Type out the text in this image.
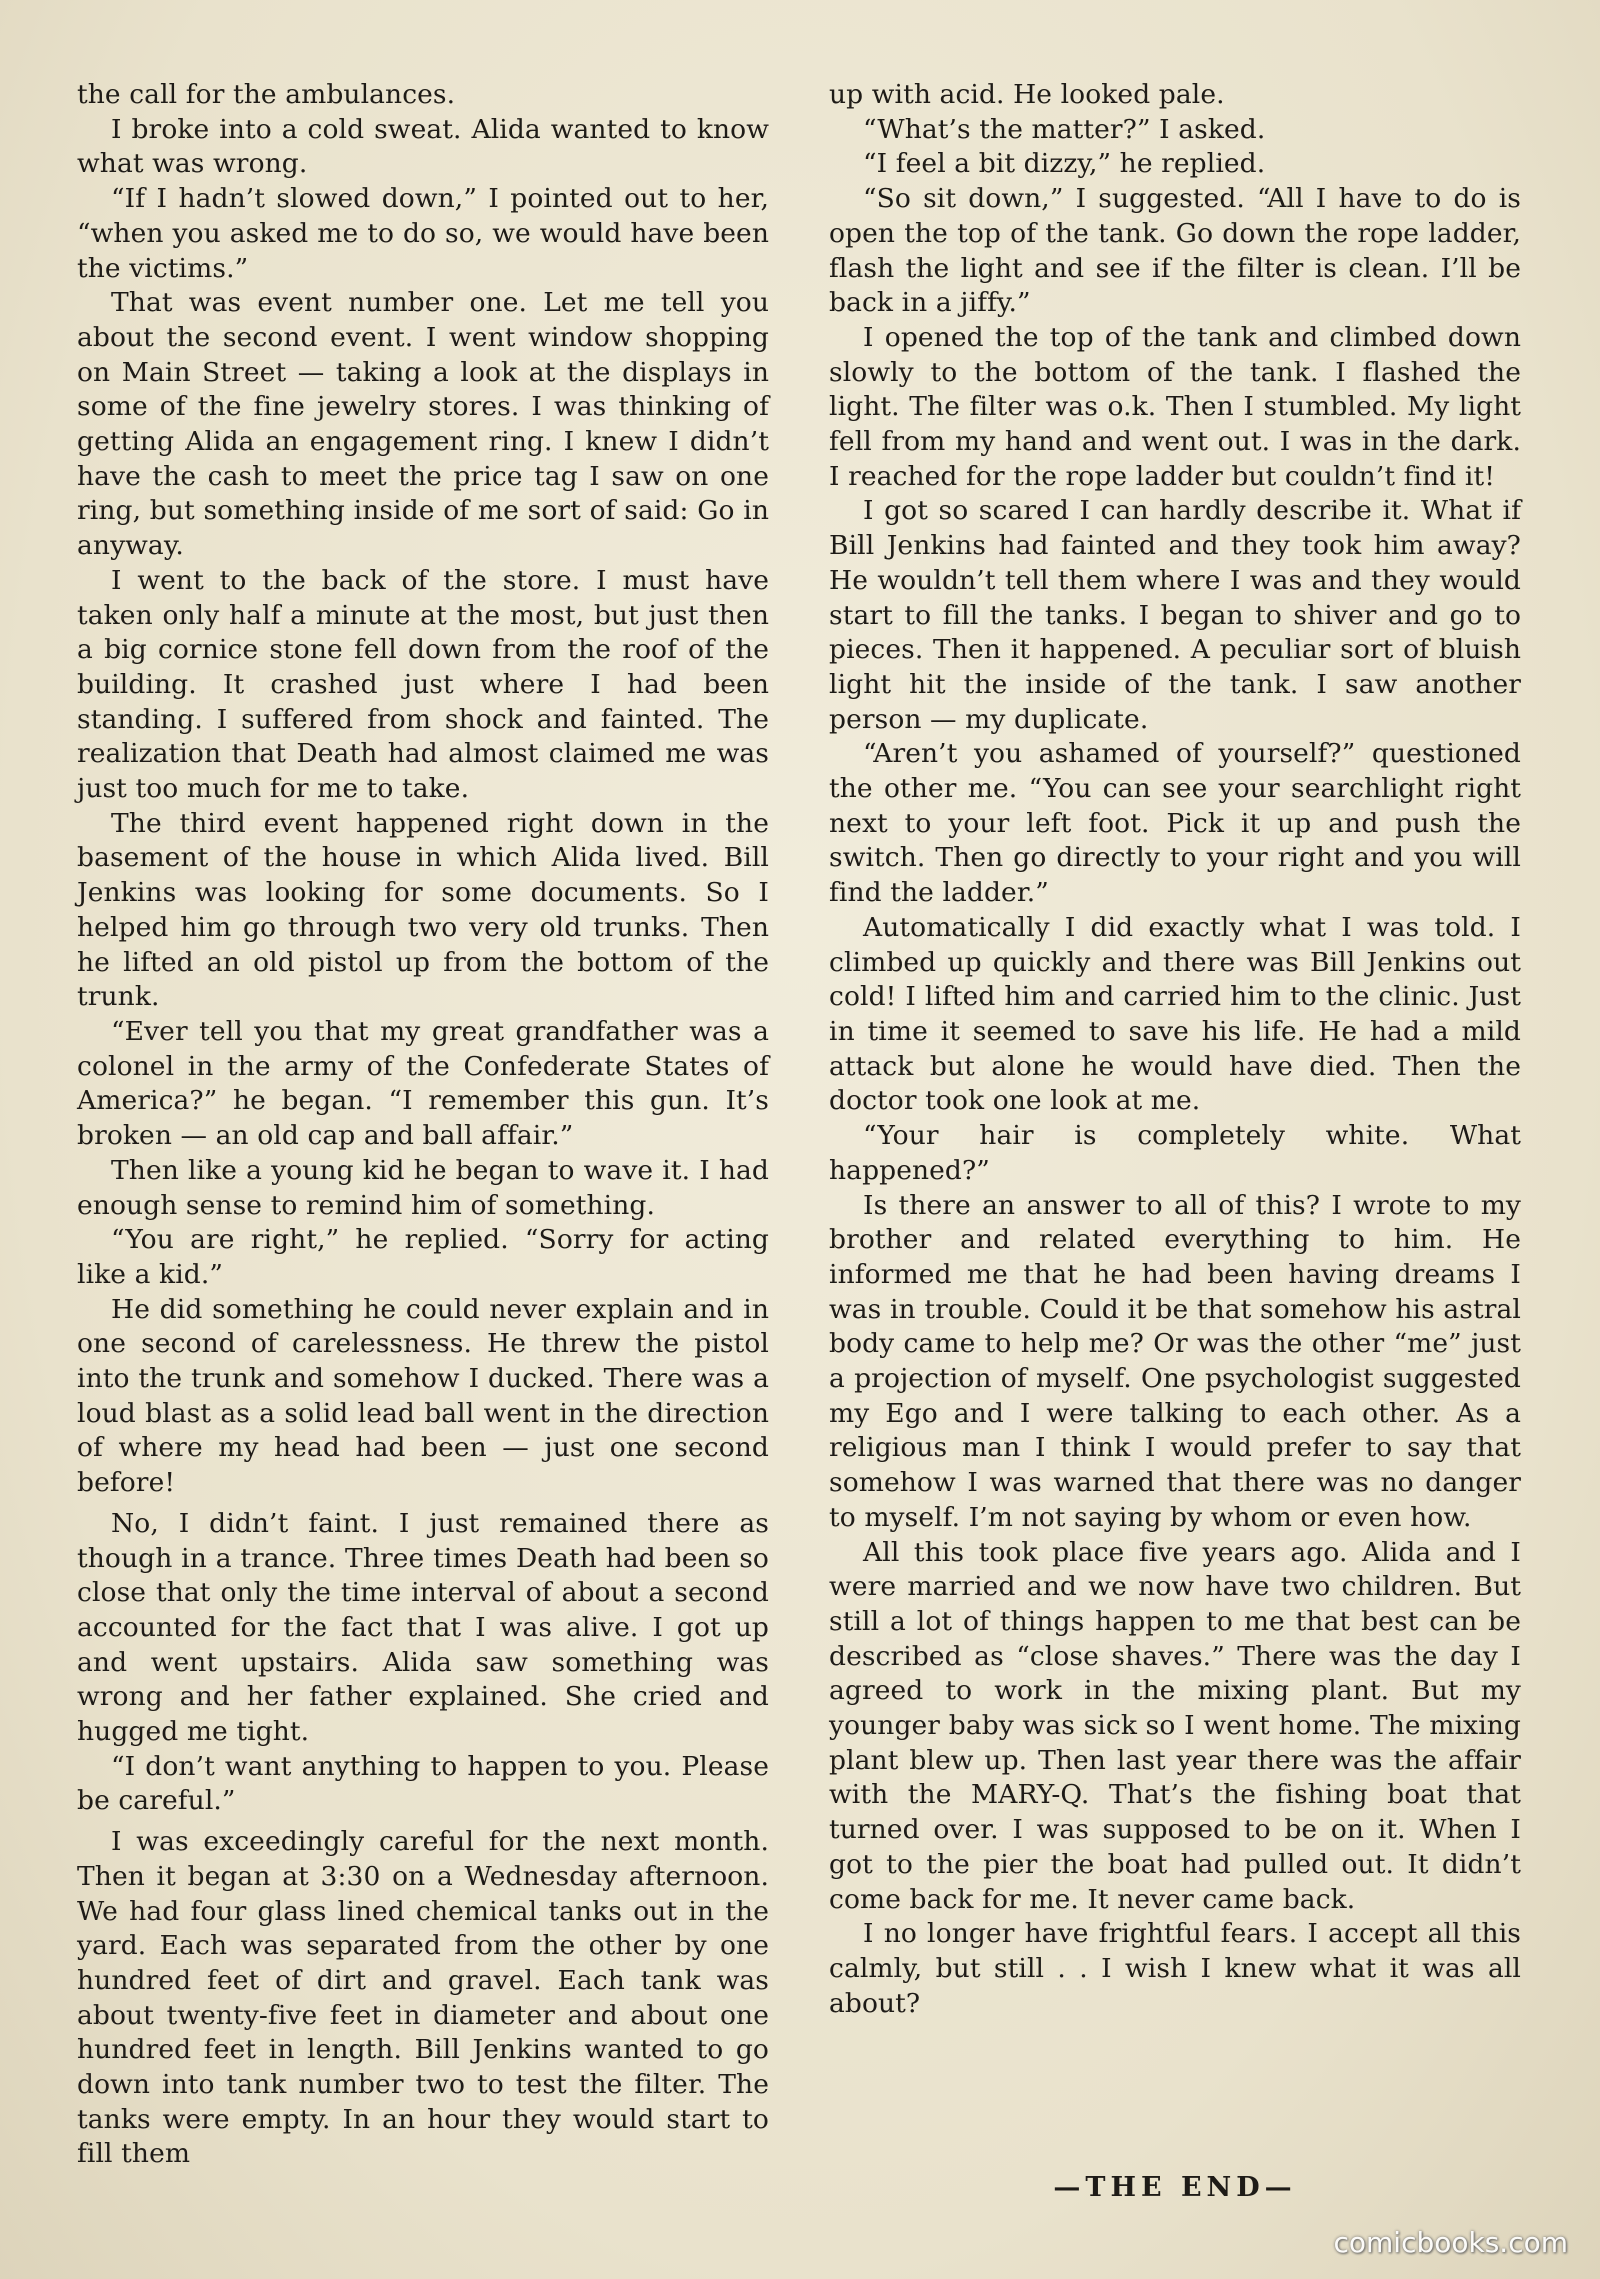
the call for the ambulances.

I broke into a cold sweat. Alida wanted to know what was wrong.

“If I hadn’t slowed down,” I pointed out to her, “when you asked me to do so, we would have been the victims.”

That was event number one. Let me tell you about the second event. I went window shopping on Main Street — taking a look at the displays in some of the fine jewelry stores. I was thinking of getting Alida an engagement ring. I knew I didn’t have the cash to meet the price tag I saw on one ring, but something inside of me sort of said: Go in anyway.

I went to the back of the store. I must have taken only half a minute at the most, but just then a big cornice stone fell down from the roof of the building. It crashed just where I had been standing. I suffered from shock and fainted. The realization that Death had almost claimed me was just too much for me to take.

The third event happened right down in the basement of the house in which Alida lived. Bill Jenkins was looking for some documents. So I helped him go through two very old trunks. Then he lifted an old pistol up from the bottom of the trunk.

“Ever tell you that my great grandfather was a colonel in the army of the Confederate States of America?” he began. “I remember this gun. It’s broken — an old cap and ball affair.”

Then like a young kid he began to wave it. I had enough sense to remind him of something.

“You are right,” he replied. “Sorry for acting like a kid.”

He did something he could never explain and in one second of carelessness. He threw the pistol into the trunk and somehow I ducked. There was a loud blast as a solid lead ball went in the direction of where my head had been — just one second before!

No, I didn’t faint. I just remained there as though in a trance. Three times Death had been so close that only the time interval of about a second accounted for the fact that I was alive. I got up and went upstairs. Alida saw something was wrong and her father explained. She cried and hugged me tight.

“I don’t want anything to happen to you. Please be careful.”

I was exceedingly careful for the next month. Then it began at 3:30 on a Wednesday afternoon. We had four glass lined chemical tanks out in the yard. Each was separated from the other by one hundred feet of dirt and gravel. Each tank was about twenty-five feet in diameter and about one hundred feet in length. Bill Jenkins wanted to go down into tank number two to test the filter. The tanks were empty. In an hour they would start to fill them

up with acid. He looked pale.

“What’s the matter?” I asked.

“I feel a bit dizzy,” he replied.

“So sit down,” I suggested. “All I have to do is open the top of the tank. Go down the rope ladder, flash the light and see if the filter is clean. I’ll be back in a jiffy.”

I opened the top of the tank and climbed down slowly to the bottom of the tank. I flashed the light. The filter was o.k. Then I stumbled. My light fell from my hand and went out. I was in the dark. I reached for the rope ladder but couldn’t find it!

I got so scared I can hardly describe it. What if Bill Jenkins had fainted and they took him away? He wouldn’t tell them where I was and they would start to fill the tanks. I began to shiver and go to pieces. Then it happened. A peculiar sort of bluish light hit the inside of the tank. I saw another person — my duplicate.

“Aren’t you ashamed of yourself?” questioned the other me. “You can see your searchlight right next to your left foot. Pick it up and push the switch. Then go directly to your right and you will find the ladder.”

Automatically I did exactly what I was told. I climbed up quickly and there was Bill Jenkins out cold! I lifted him and carried him to the clinic. Just in time it seemed to save his life. He had a mild attack but alone he would have died. Then the doctor took one look at me.

“Your hair is completely white. What happened?”

Is there an answer to all of this? I wrote to my brother and related everything to him. He informed me that he had been having dreams I was in trouble. Could it be that somehow his astral body came to help me? Or was the other “me” just a projection of myself. One psychologist suggested my Ego and I were talking to each other. As a religious man I think I would prefer to say that somehow I was warned that there was no danger to myself. I’m not saying by whom or even how.

All this took place five years ago. Alida and I were married and we now have two children. But still a lot of things happen to me that best can be described as “close shaves.” There was the day I agreed to work in the mixing plant. But my younger baby was sick so I went home. The mixing plant blew up. Then last year there was the affair with the MARY-Q. That’s the fishing boat that turned over. I was supposed to be on it. When I got to the pier the boat had pulled out. It didn’t come back for me. It never came back.

I no longer have frightful fears. I accept all this calmly, but still . . I wish I knew what it was all about?

—THE END—
comicbooks.com
